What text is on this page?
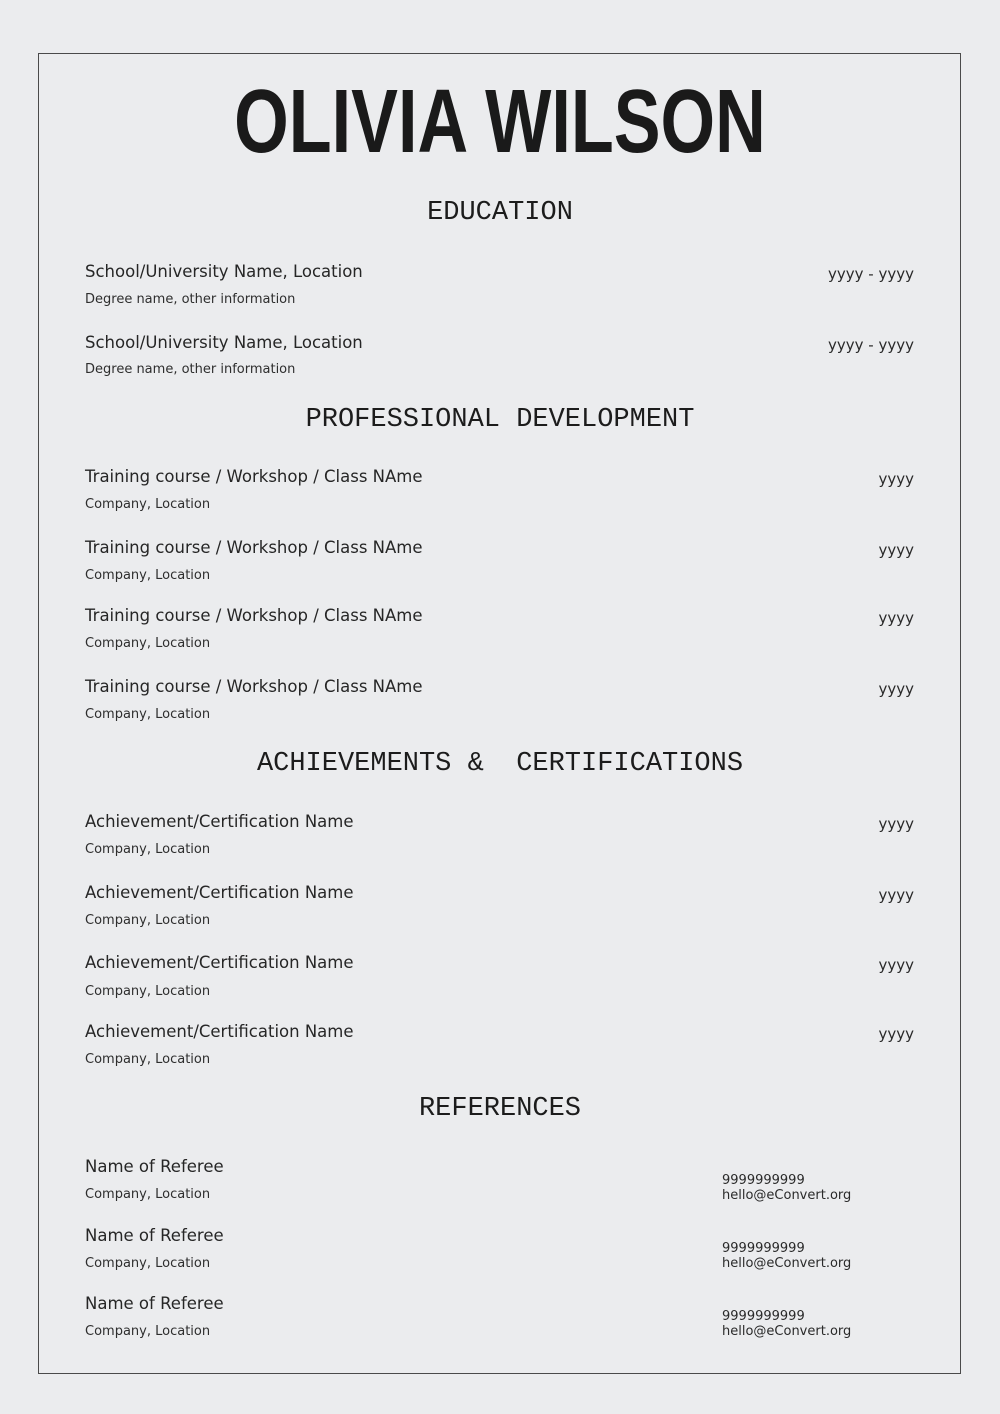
OLIVIA WILSON
EDUCATION
School/University Name, Location
Degree name, other information
yyyy - yyyy
School/University Name, Location
Degree name, other information
yyyy - yyyy
PROFESSIONAL DEVELOPMENT
Training course / Workshop / Class NAme
Company, Location
yyyy
Training course / Workshop / Class NAme
Company, Location
yyyy
Training course / Workshop / Class NAme
Company, Location
yyyy
Training course / Workshop / Class NAme
Company, Location
yyyy
ACHIEVEMENTS &  CERTIFICATIONS
Achievement/Certification Name
Company, Location
yyyy
Achievement/Certification Name
Company, Location
yyyy
Achievement/Certification Name
Company, Location
yyyy
Achievement/Certification Name
Company, Location
yyyy
REFERENCES
Name of Referee
Company, Location
9999999999
hello@eConvert.org
Name of Referee
Company, Location
9999999999
hello@eConvert.org
Name of Referee
Company, Location
9999999999
hello@eConvert.org
